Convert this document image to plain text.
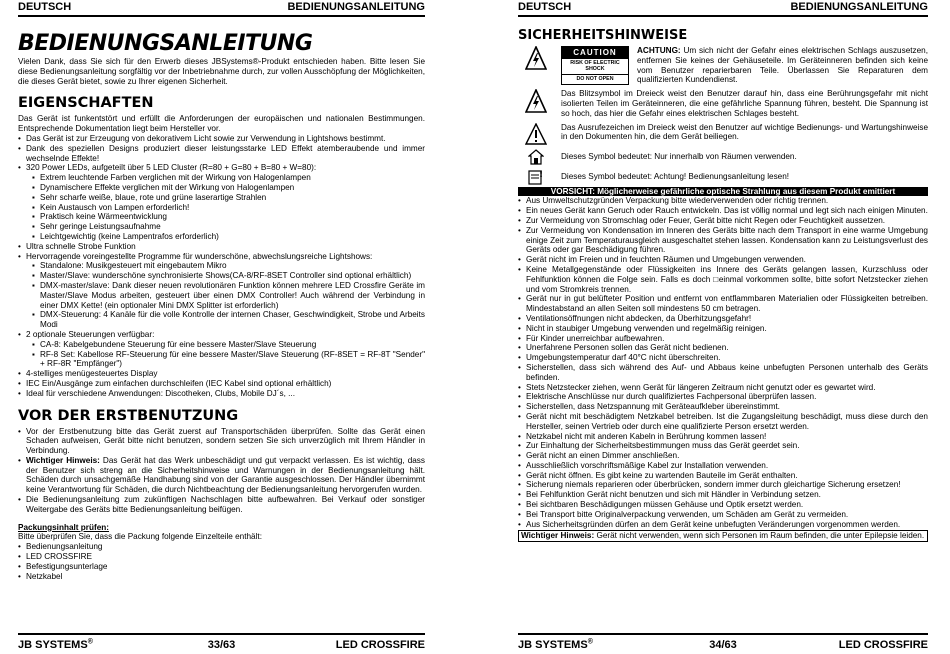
DEUTSCH	BEDIENUNGSANLEITUNG
BEDIENUNGSANLEITUNG

Vielen Dank, dass Sie sich für den Erwerb dieses JBSystems®-Produkt entschieden haben. Bitte lesen Sie diese Bedienungsanleitung sorgfältig vor der Inbetriebnahme durch, zur vollen Ausschöpfung der Möglichkeiten, die dieses Gerät bietet, sowie zu Ihrer eigenen Sicherheit.

EIGENSCHAFTEN

Das Gerät ist funkentstört und erfüllt die Anforderungen der europäischen und nationalen Bestimmungen. Entsprechende Dokumentation liegt beim Hersteller vor.

• Das Gerät ist zur Erzeugung von dekorativem Licht sowie zur Verwendung in Lightshows bestimmt.
• Dank des speziellen Designs produziert dieser leistungsstarke LED Effekt atemberaubende und immer wechselnde Effekte!
• 320 Power LEDs, aufgeteilt über 5 LED Cluster (R=80 + G=80 + B=80 + W=80):
▪ Extrem leuchtende Farben verglichen mit der Wirkung von Halogenlampen
▪ Dynamischere Effekte verglichen mit der Wirkung von Halogenlampen
▪ Sehr scharfe weiße, blaue, rote und grüne laserartige Strahlen
▪ Kein Austausch von Lampen erforderlich!
▪ Praktisch keine Wärmeentwicklung
▪ Sehr geringe Leistungsaufnahme
▪ Leichtgewichtig (keine Lampentrafos erforderlich)
• Ultra schnelle Strobe Funktion
• Hervorragende voreingestellte Programme für wunderschöne, abwechslungsreiche Lightshows:
▪ Standalone: Musikgesteuert mit eingebautem Mikro
▪ Master/Slave: wunderschöne synchronisierte Shows(CA-8/RF-8SET Controller sind optional erhältlich)
▪ DMX-master/slave: Dank dieser neuen revolutionären Funktion können mehrere LED Crossfire Geräte im Master/Slave Modus arbeiten, gesteuert über einen DMX Controller! Auch während der Verbindung in einer DMX Kette! (ein optionaler Mini DMX Splitter ist erforderlich)
▪ DMX-Steuerung: 4 Kanäle für die volle Kontrolle der internen Chaser, Geschwindigkeit, Strobe und Arbeits Modi
• 2 optionale Steuerungen verfügbar:
▪ CA-8: Kabelgebundene Steuerung für eine bessere Master/Slave Steuerung
▪ RF-8 Set: Kabellose RF-Steuerung für eine bessere Master/Slave Steuerung (RF-8SET = RF-8T "Sender" + RF-8R "Empfänger")
• 4-stelliges menügesteuertes Display
• IEC Ein/Ausgänge zum einfachen durchschleifen (IEC Kabel sind optional erhältlich)
• Ideal für verschiedene Anwendungen: Discotheken, Clubs, Mobile DJ´s, ...
VOR DER ERSTBENUTZUNG
• Vor der Erstbenutzung bitte das Gerät zuerst auf Transportschäden überprüfen. Sollte das Gerät einen Schaden aufweisen, Gerät bitte nicht benutzen, sondern setzen Sie sich unverzüglich mit Ihrem Händler in Verbindung.
• Wichtiger Hinweis: Das Gerät hat das Werk unbeschädigt und gut verpackt verlassen. Es ist wichtig, dass der Benutzer sich streng an die Sicherheitshinweise und Warnungen in der Bedienungsanleitung hält. Schäden durch unsachgemäße Handhabung sind von der Garantie ausgeschlossen. Der Händler übernimmt keine Verantwortung für Schäden, die durch Nichtbeachtung der Bedienungsanleitung hervorgerufen wurden.
• Die Bedienungsanleitung zum zukünftigen Nachschlagen bitte aufbewahren. Bei Verkauf oder sonstiger Weitergabe des Geräts bitte Bedienungsanleitung beifügen.
Packungsinhalt prüfen:

Bitte überprüfen Sie, dass die Packung folgende Einzelteile enthält:

• Bedienungsanleitung
• LED CROSSFIRE
• Befestigungsunterlage
• Netzkabel
JB SYSTEMS®	33/63	LED CROSSFIRE
DEUTSCH	BEDIENUNGSANLEITUNG
SICHERHEITSHINWEISE
CAUTION
RISK OF ELECTRIC SHOCK
DO NOT OPEN
ACHTUNG: Um sich nicht der Gefahr eines elektrischen Schlags auszusetzen, entfernen Sie keines der Gehäuseteile. Im Geräteinneren befinden sich keine vom Benutzer reparierbaren Teile. Überlassen Sie Reparaturen dem qualifizierten Kundendienst.
Das Blitzsymbol im Dreieck weist den Benutzer darauf hin, dass eine Berührungsgefahr mit nicht isolierten Teilen im Geräteinneren, die eine gefährliche Spannung führen, besteht. Die Spannung ist so hoch, das hier die Gefahr eines elektrischen Schlages besteht.
Das Ausrufezeichen im Dreieck weist den Benutzer auf wichtige Bedienungs- und Wartungshinweise in den Dokumenten hin, die dem Gerät beiliegen.
Dieses Symbol bedeutet: Nur innerhalb von Räumen verwenden.
! Dieses Symbol bedeutet: Achtung! Bedienungsanleitung lesen!
VORSICHT: Möglicherweise gefährliche optische Strahlung aus diesem Produkt emittiert
• Aus Umweltschutzgründen Verpackung bitte wiederverwenden oder richtig trennen.
• Ein neues Gerät kann Geruch oder Rauch entwickeln. Das ist völlig normal und legt sich nach einigen Minuten.
• Zur Vermeidung von Stromschlag oder Feuer, Gerät bitte nicht Regen oder Feuchtigkeit aussetzen.
• Zur Vermeidung von Kondensation im Inneren des Geräts bitte nach dem Transport in eine warme Umgebung einige Zeit zum Temperaturausgleich ausgeschaltet stehen lassen. Kondensation kann zu Leistungsverlust des Geräts oder gar Beschädigung führen.
• Gerät nicht im Freien und in feuchten Räumen und Umgebungen verwenden.
• Keine Metallgegenstände oder Flüssigkeiten ins Innere des Geräts gelangen lassen, Kurzschluss oder Fehlfunktion können die Folge sein. Falls es doch □einmal vorkommen sollte, bitte sofort Netzstecker ziehen und vom Stromkreis trennen.
• Gerät nur in gut belüfteter Position und entfernt von entflammbaren Materialien oder Flüssigkeiten betreiben. Mindestabstand an allen Seiten soll mindestens 50 cm betragen.
• Ventilationsöffnungen nicht abdecken, da Überhitzungsgefahr!
• Nicht in staubiger Umgebung verwenden und regelmäßig reinigen.
• Für Kinder unerreichbar aufbewahren.
• Unerfahrene Personen sollen das Gerät nicht bedienen.
• Umgebungstemperatur darf 40°C nicht überschreiten.
• Sicherstellen, dass sich während des Auf- und Abbaus keine unbefugten Personen unterhalb des Geräts befinden.
• Stets Netzstecker ziehen, wenn Gerät für längeren Zeitraum nicht genutzt oder es gewartet wird.
• Elektrische Anschlüsse nur durch qualifiziertes Fachpersonal überprüfen lassen.
• Sicherstellen, dass Netzspannung mit Geräteaufkleber übereinstimmt.
• Gerät nicht mit beschädigtem Netzkabel betreiben. Ist die Zugangsleitung beschädigt, muss diese durch den Hersteller, seinen Vertrieb oder durch eine qualifizierte Person ersetzt werden.
• Netzkabel nicht mit anderen Kabeln in Berührung kommen lassen!
• Zur Einhaltung der Sicherheitsbestimmungen muss das Gerät geerdet sein.
• Gerät nicht an einen Dimmer anschließen.
• Ausschließlich vorschriftsmäßige Kabel zur Installation verwenden.
• Gerät nicht öffnen. Es gibt keine zu wartenden Bauteile im Gerät enthalten.
• Sicherung niemals reparieren oder überbrücken, sondern immer durch gleichartige Sicherung ersetzen!
• Bei Fehlfunktion Gerät nicht benutzen und sich mit Händler in Verbindung setzen.
• Bei sichtbaren Beschädigungen müssen Gehäuse und Optik ersetzt werden.
• Bei Transport bitte Originalverpackung verwenden, um Schäden am Gerät zu vermeiden.
• Aus Sicherheitsgründen dürfen an dem Gerät keine unbefugten Veränderungen vorgenommen werden.
Wichtiger Hinweis: Gerät nicht verwenden, wenn sich Personen im Raum befinden, die unter Epilepsie leiden.
JB SYSTEMS®	34/63	LED CROSSFIRE
